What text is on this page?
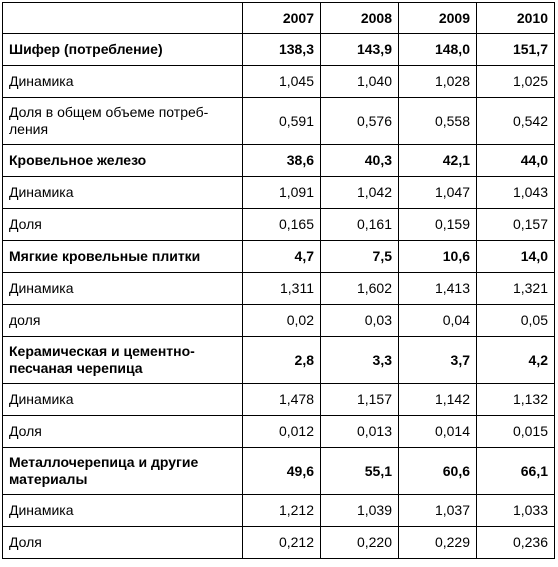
	2007	2008	2009	2010
Шифер (потребление)	138,3	143,9	148,0	151,7
Динамика	1,045	1,040	1,028	1,025
Доля в общем объеме потреб-
ления	0,591	0,576	0,558	0,542
Кровельное железо	38,6	40,3	42,1	44,0
Динамика	1,091	1,042	1,047	1,043
Доля	0,165	0,161	0,159	0,157
Мягкие кровельные плитки	4,7	7,5	10,6	14,0
Динамика	1,311	1,602	1,413	1,321
доля	0,02	0,03	0,04	0,05
Керамическая и цементно-
песчаная черепица	2,8	3,3	3,7	4,2
Динамика	1,478	1,157	1,142	1,132
Доля	0,012	0,013	0,014	0,015
Металлочерепица и другие
материалы	49,6	55,1	60,6	66,1
Динамика	1,212	1,039	1,037	1,033
Доля	0,212	0,220	0,229	0,236
